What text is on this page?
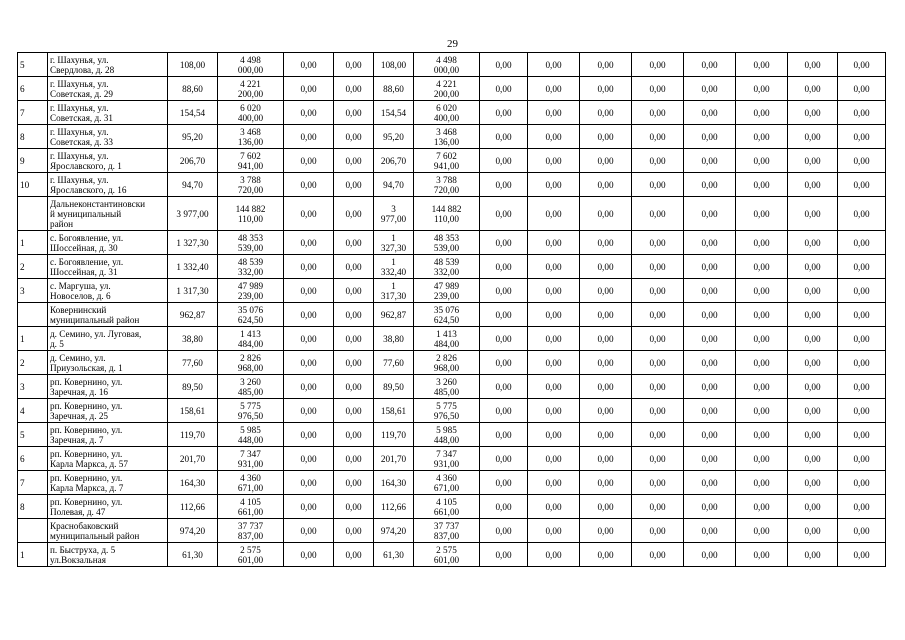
29
5	г. Шахунья, ул.
Свердлова, д. 28	108,00	4 498
000,00	0,00	0,00	108,00	4 498
000,00	0,00	0,00	0,00	0,00	0,00	0,00	0,00	0,00
6	г. Шахунья, ул.
Советская, д. 29	88,60	4 221
200,00	0,00	0,00	88,60	4 221
200,00	0,00	0,00	0,00	0,00	0,00	0,00	0,00	0,00
7	г. Шахунья, ул.
Советская, д. 31	154,54	6 020
400,00	0,00	0,00	154,54	6 020
400,00	0,00	0,00	0,00	0,00	0,00	0,00	0,00	0,00
8	г. Шахунья, ул.
Советская, д. 33	95,20	3 468
136,00	0,00	0,00	95,20	3 468
136,00	0,00	0,00	0,00	0,00	0,00	0,00	0,00	0,00
9	г. Шахунья, ул.
Ярославского, д. 1	206,70	7 602
941,00	0,00	0,00	206,70	7 602
941,00	0,00	0,00	0,00	0,00	0,00	0,00	0,00	0,00
10	г. Шахунья, ул.
Ярославского, д. 16	94,70	3 788
720,00	0,00	0,00	94,70	3 788
720,00	0,00	0,00	0,00	0,00	0,00	0,00	0,00	0,00
	Дальнеконстантиновски
й муниципальный
район	3 977,00	144 882
110,00	0,00	0,00	3
977,00	144 882
110,00	0,00	0,00	0,00	0,00	0,00	0,00	0,00	0,00
1	с. Богоявление, ул.
Шоссейная, д. 30	1 327,30	48 353
539,00	0,00	0,00	1
327,30	48 353
539,00	0,00	0,00	0,00	0,00	0,00	0,00	0,00	0,00
2	с. Богоявление, ул.
Шоссейная, д. 31	1 332,40	48 539
332,00	0,00	0,00	1
332,40	48 539
332,00	0,00	0,00	0,00	0,00	0,00	0,00	0,00	0,00
3	с. Маргуша, ул.
Новоселов, д. 6	1 317,30	47 989
239,00	0,00	0,00	1
317,30	47 989
239,00	0,00	0,00	0,00	0,00	0,00	0,00	0,00	0,00
	Ковернинский
муниципальный район	962,87	35 076
624,50	0,00	0,00	962,87	35 076
624,50	0,00	0,00	0,00	0,00	0,00	0,00	0,00	0,00
1	д. Семино, ул. Луговая,
д. 5	38,80	1 413
484,00	0,00	0,00	38,80	1 413
484,00	0,00	0,00	0,00	0,00	0,00	0,00	0,00	0,00
2	д. Семино, ул.
Приузольская, д. 1	77,60	2 826
968,00	0,00	0,00	77,60	2 826
968,00	0,00	0,00	0,00	0,00	0,00	0,00	0,00	0,00
3	рп. Ковернино, ул.
Заречная, д. 16	89,50	3 260
485,00	0,00	0,00	89,50	3 260
485,00	0,00	0,00	0,00	0,00	0,00	0,00	0,00	0,00
4	рп. Ковернино, ул.
Заречная, д. 25	158,61	5 775
976,50	0,00	0,00	158,61	5 775
976,50	0,00	0,00	0,00	0,00	0,00	0,00	0,00	0,00
5	рп. Ковернино, ул.
Заречная, д. 7	119,70	5 985
448,00	0,00	0,00	119,70	5 985
448,00	0,00	0,00	0,00	0,00	0,00	0,00	0,00	0,00
6	рп. Ковернино, ул.
Карла Маркса, д. 57	201,70	7 347
931,00	0,00	0,00	201,70	7 347
931,00	0,00	0,00	0,00	0,00	0,00	0,00	0,00	0,00
7	рп. Ковернино, ул.
Карла Маркса, д. 7	164,30	4 360
671,00	0,00	0,00	164,30	4 360
671,00	0,00	0,00	0,00	0,00	0,00	0,00	0,00	0,00
8	рп. Ковернино, ул.
Полевая, д. 47	112,66	4 105
661,00	0,00	0,00	112,66	4 105
661,00	0,00	0,00	0,00	0,00	0,00	0,00	0,00	0,00
	Краснобаковский
муниципальный район	974,20	37 737
837,00	0,00	0,00	974,20	37 737
837,00	0,00	0,00	0,00	0,00	0,00	0,00	0,00	0,00
1	п. Быструха, д. 5
ул.Вокзальная	61,30	2 575
601,00	0,00	0,00	61,30	2 575
601,00	0,00	0,00	0,00	0,00	0,00	0,00	0,00	0,00
